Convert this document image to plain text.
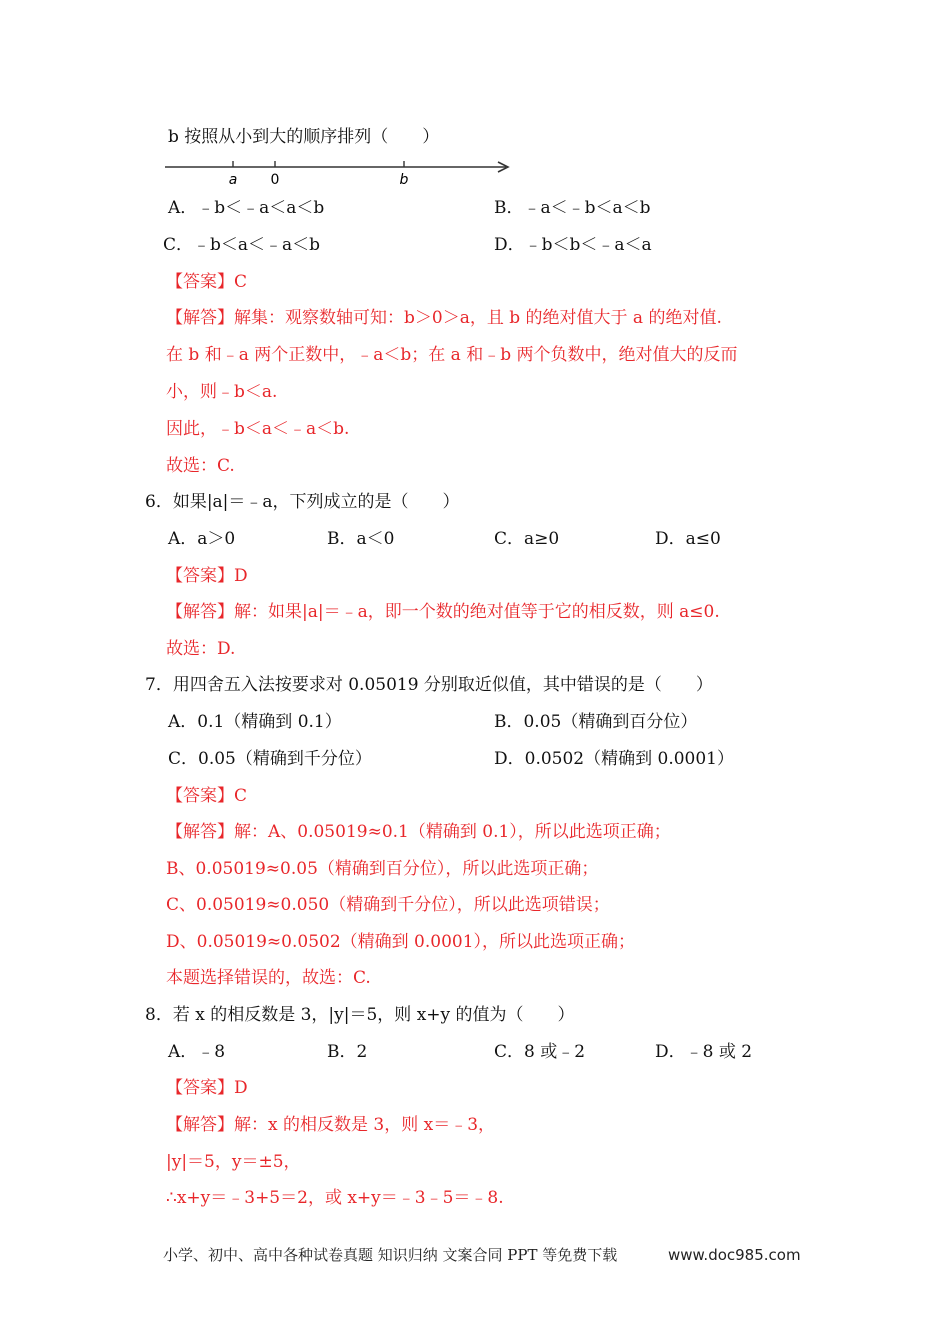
b 按照从小到大的顺序排列（　　）
a 0	b
A．﹣b＜﹣a＜a＜b	B．﹣a＜﹣b＜a＜b
C．﹣b＜a＜﹣a＜b	D．﹣b＜b＜﹣a＜a
【答案】C
【解答】解集：观察数轴可知：b＞0＞a，且 b 的绝对值大于 a 的绝对值.
在 b 和﹣a 两个正数中，﹣a＜b；在 a 和﹣b 两个负数中，绝对值大的反而
小，则﹣b＜a.
因此，﹣b＜a＜﹣a＜b.
故选：C.
6．如果|a|＝﹣a，下列成立的是（　　）
A．a＞0	B．a＜0	C．a≥0	D．a≤0
【答案】D
【解答】解：如果|a|＝﹣a，即一个数的绝对值等于它的相反数，则 a≤0.
故选：D.
7．用四舍五入法按要求对 0.05019 分别取近似值，其中错误的是（　　）
A．0.1（精确到 0.1）	B．0.05（精确到百分位）
C．0.05（精确到千分位）	D．0.0502（精确到 0.0001）
【答案】C
【解答】解：A、0.05019≈0.1（精确到 0.1），所以此选项正确；
B、0.05019≈0.05（精确到百分位），所以此选项正确；
C、0.05019≈0.050（精确到千分位），所以此选项错误；
D、0.05019≈0.0502（精确到 0.0001），所以此选项正确；
本题选择错误的，故选：C.
8．若 x 的相反数是 3，|y|＝5，则 x+y 的值为（　　）
A．﹣8	B．2	C．8 或﹣2	D．﹣8 或 2
【答案】D
【解答】解：x 的相反数是 3，则 x＝﹣3，
|y|＝5，y＝±5，
∴x+y＝﹣3+5＝2，或 x+y＝﹣3﹣5＝﹣8.
小学、初中、高中各种试卷真题 知识归纳 文案合同 PPT 等免费下载	www.doc985.com
